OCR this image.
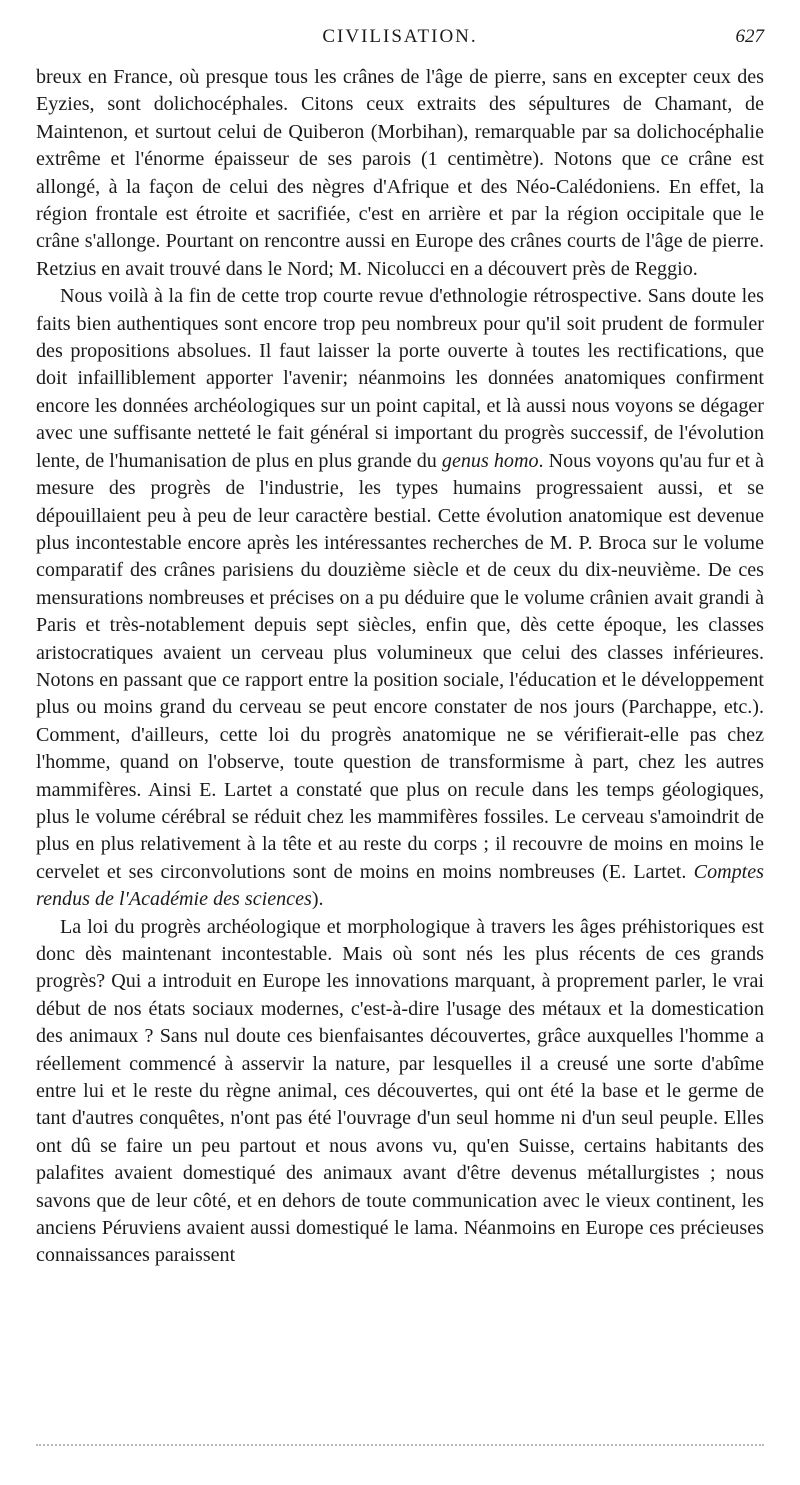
CIVILISATION.	627

breux en France, où presque tous les crânes de l'âge de pierre, sans en excepter ceux des Eyzies, sont dolichocéphales. Citons ceux extraits des sépultures de Chamant, de Maintenon, et surtout celui de Quiberon (Morbihan), remarquable par sa dolichocéphalie extrême et l'énorme épaisseur de ses parois (1 centimètre). Notons que ce crâne est allongé, à la façon de celui des nègres d'Afrique et des Néo-Calédoniens. En effet, la région frontale est étroite et sacrifiée, c'est en arrière et par la région occipitale que le crâne s'allonge. Pourtant on rencontre aussi en Europe des crânes courts de l'âge de pierre. Retzius en avait trouvé dans le Nord; M. Nicolucci en a découvert près de Reggio.

Nous voilà à la fin de cette trop courte revue d'ethnologie rétrospective. Sans doute les faits bien authentiques sont encore trop peu nombreux pour qu'il soit prudent de formuler des propositions absolues. Il faut laisser la porte ouverte à toutes les rectifications, que doit infailliblement apporter l'avenir; néanmoins les données anatomiques confirment encore les données archéologiques sur un point capital, et là aussi nous voyons se dégager avec une suffisante netteté le fait général si important du progrès successif, de l'évolution lente, de l'humanisation de plus en plus grande du genus homo. Nous voyons qu'au fur et à mesure des progrès de l'industrie, les types humains progressaient aussi, et se dépouillaient peu à peu de leur caractère bestial. Cette évolution anatomique est devenue plus incontestable encore après les intéressantes recherches de M. P. Broca sur le volume comparatif des crânes parisiens du douzième siècle et de ceux du dix-neuvième. De ces mensurations nombreuses et précises on a pu déduire que le volume crânien avait grandi à Paris et très-notablement depuis sept siècles, enfin que, dès cette époque, les classes aristocratiques avaient un cerveau plus volumineux que celui des classes inférieures. Notons en passant que ce rapport entre la position sociale, l'éducation et le développement plus ou moins grand du cerveau se peut encore constater de nos jours (Parchappe, etc.). Comment, d'ailleurs, cette loi du progrès anatomique ne se vérifierait-elle pas chez l'homme, quand on l'observe, toute question de transformisme à part, chez les autres mammifères. Ainsi E. Lartet a constaté que plus on recule dans les temps géologiques, plus le volume cérébral se réduit chez les mammifères fossiles. Le cerveau s'amoindrit de plus en plus relativement à la tête et au reste du corps ; il recouvre de moins en moins le cervelet et ses circonvolutions sont de moins en moins nombreuses (E. Lartet. Comptes rendus de l'Académie des sciences).

La loi du progrès archéologique et morphologique à travers les âges préhistoriques est donc dès maintenant incontestable. Mais où sont nés les plus récents de ces grands progrès? Qui a introduit en Europe les innovations marquant, à proprement parler, le vrai début de nos états sociaux modernes, c'est-à-dire l'usage des métaux et la domestication des animaux ? Sans nul doute ces bienfaisantes découvertes, grâce auxquelles l'homme a réellement commencé à asservir la nature, par lesquelles il a creusé une sorte d'abîme entre lui et le reste du règne animal, ces découvertes, qui ont été la base et le germe de tant d'autres conquêtes, n'ont pas été l'ouvrage d'un seul homme ni d'un seul peuple. Elles ont dû se faire un peu partout et nous avons vu, qu'en Suisse, certains habitants des palafites avaient domestiqué des animaux avant d'être devenus métallurgistes ; nous savons que de leur côté, et en dehors de toute communication avec le vieux continent, les anciens Péruviens avaient aussi domestiqué le lama. Néanmoins en Europe ces précieuses connaissances paraissent
